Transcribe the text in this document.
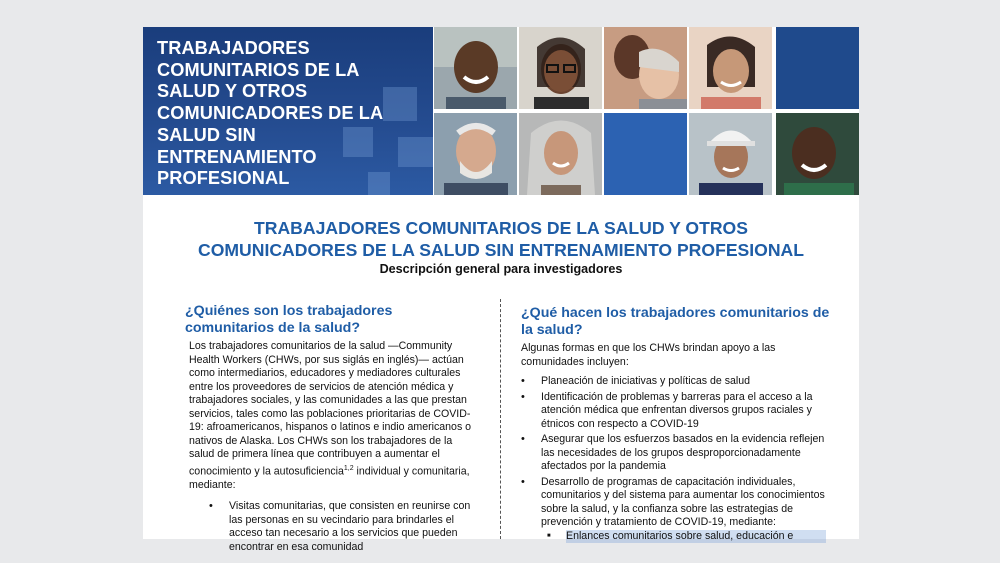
TRABAJADORES
COMUNITARIOS DE LA
SALUD Y OTROS
COMUNICADORES DE LA
SALUD SIN
ENTRENAMIENTO
PROFESIONAL
TRABAJADORES COMUNITARIOS DE LA SALUD Y OTROS
COMUNICADORES DE LA SALUD SIN ENTRENAMIENTO PROFESIONAL
Descripción general para investigadores
¿Quiénes son los trabajadores comunitarios de la salud?

Los trabajadores comunitarios de la salud —Community Health Workers (CHWs, por sus siglás en inglés)— actúan como intermediarios, educadores y mediadores culturales entre los proveedores de servicios de atención médica y trabajadores sociales, y las comunidades a las que prestan servicios, tales como las poblaciones prioritarias de COVID-19: afroamericanos, hispanos o latinos e indio americanos o nativos de Alaska. Los CHWs son los trabajadores de la salud de primera línea que contribuyen a aumentar el conocimiento y la autosuficiencia$^{1,2}$ individual y comunitaria, mediante:

• Visitas comunitarias, que consisten en reunirse con las personas en su vecindario para brindarles el acceso tan necesario a los servicios que pueden encontrar en esa comunidad
¿Qué hacen los trabajadores comunitarios de la salud?

Algunas formas en que los CHWs brindan apoyo a las comunidades incluyen:

• Planeación de iniciativas y políticas de salud
• Identificación de problemas y barreras para el acceso a la atención médica que enfrentan diversos grupos raciales y étnicos con respecto a COVID-19
• Asegurar que los esfuerzos basados en la evidencia reflejen las necesidades de los grupos desproporcionadamente afectados por la pandemia
• Desarrollo de programas de capacitación individuales, comunitarios y del sistema para aumentar los conocimientos sobre la salud, y la confianza sobre las estrategias de prevención y tratamiento de COVID-19, mediante:
■ Enlances comunitarios sobre salud, educación e
